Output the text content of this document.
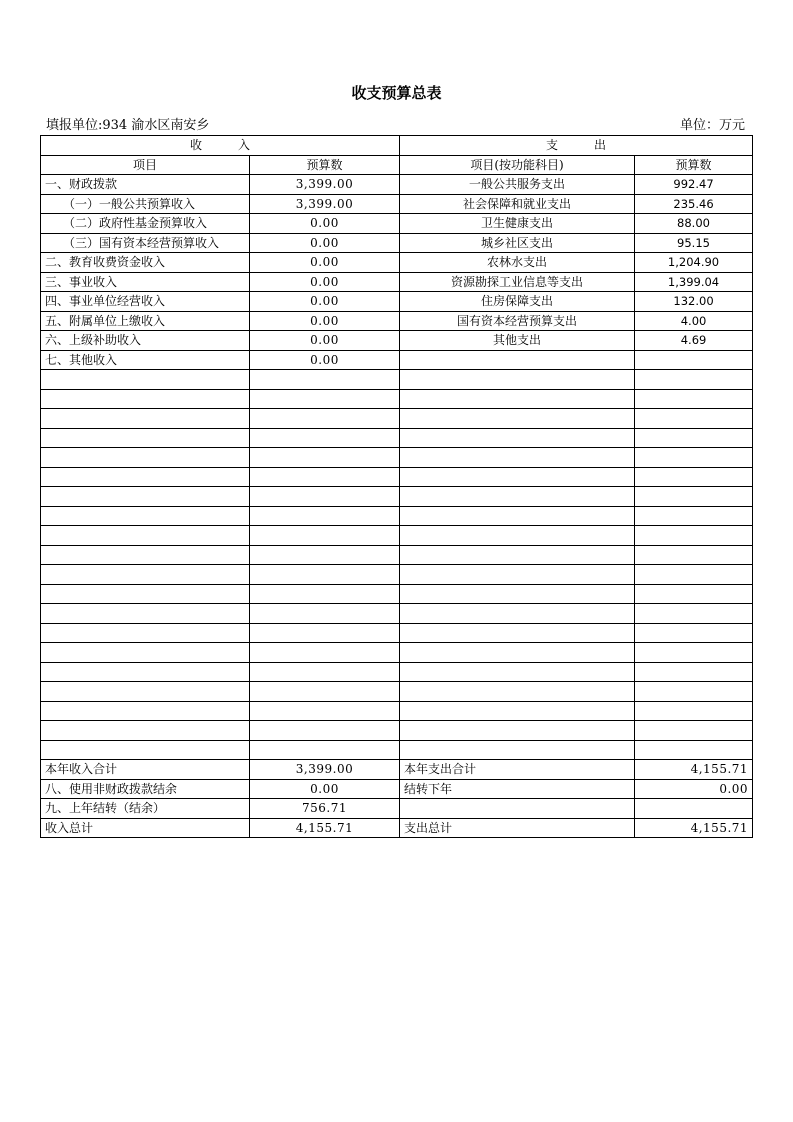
收支预算总表
填报单位:934 渝水区南安乡	单位：万元
收　　　入		支　　　出	
项目	预算数	项目(按功能科目)	预算数
一、财政拨款	3,399.00	一般公共服务支出	992.47
（一）一般公共预算收入	3,399.00	社会保障和就业支出	235.46
（二）政府性基金预算收入	0.00	卫生健康支出	88.00
（三）国有资本经营预算收入	0.00	城乡社区支出	95.15
二、教育收费资金收入	0.00	农林水支出	1,204.90
三、事业收入	0.00	资源勘探工业信息等支出	1,399.04
四、事业单位经营收入	0.00	住房保障支出	132.00
五、附属单位上缴收入	0.00	国有资本经营预算支出	4.00
六、上级补助收入	0.00	其他支出	4.69
七、其他收入	0.00		

本年收入合计	3,399.00	本年支出合计	4,155.71
八、使用非财政拨款结余	0.00	结转下年	0.00
九、上年结转（结余）	756.71		
收入总计	4,155.71	支出总计	4,155.71
